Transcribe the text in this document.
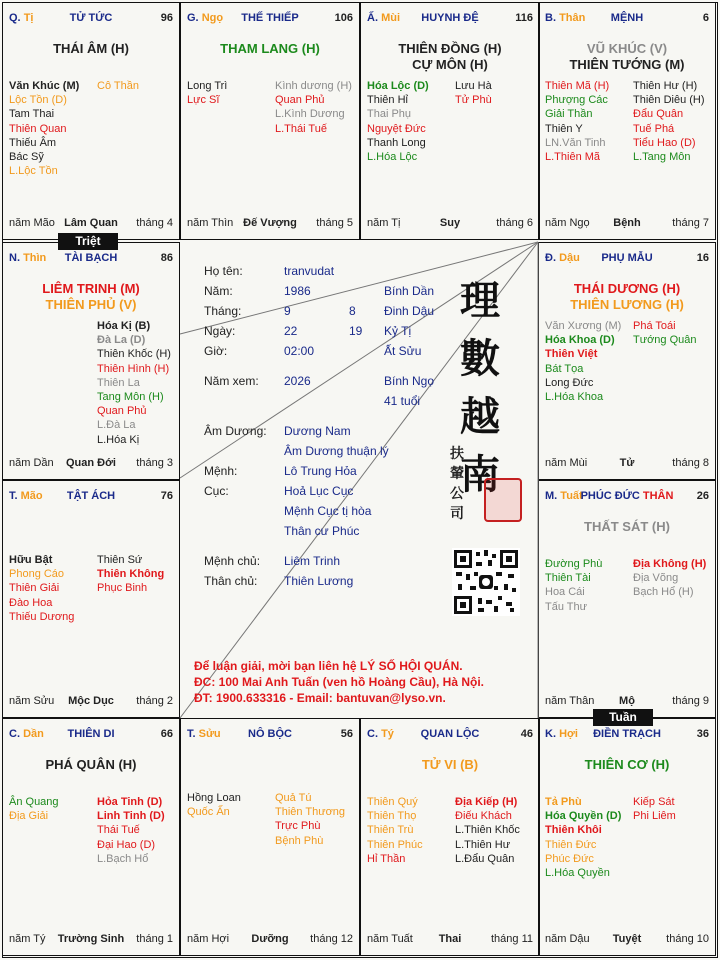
Q. Tị	TỬ TỨC	96
THÁI ÂM (H)
Văn Khúc (M)
Lộc Tồn (D)
Tam Thai
Thiên Quan
Thiếu Âm
Bác Sỹ
L.Lộc Tồn
Cô Thần
năm Mão Lâm Quan	tháng 4
G. Ngọ	THẾ THIẾP	106
THAM LANG (H)
Long Trì
Lực Sĩ
Kình dương (H)
Quan Phủ
L.Kình Dương
L.Thái Tuế
năm Thìn Đế Vượng	tháng 5
Ấ. Mùi	HUYNH ĐỆ	116
THIÊN ĐỒNG (H)
CỰ MÔN (H)
Hóa Lộc (D)
Thiên Hỉ
Thai Phụ
Nguyệt Đức
Thanh Long
L.Hóa Lộc
Lưu Hà
Tử Phù
năm Tị	Suy	tháng 6
B. Thân	MỆNH	6
VŨ KHÚC (V)
THIÊN TƯỚNG (M)
Thiên Mã (H)
Phượng Các
Giải Thần
Thiên Y
LN.Văn Tinh
L.Thiên Mã
Thiên Hư (H)
Thiên Diêu (H)
Đẩu Quân
Tuế Phá
Tiểu Hao (D)
L.Tang Môn
năm Ngọ	Bệnh	tháng 7
N. Thìn	TÀI BẠCH	86
LIÊM TRINH (M)
THIÊN PHỦ (V)
Hóa Kị (B)
Đà La (D)
Thiên Khốc (H)
Thiên Hình (H)
Thiên La
Tang Môn (H)
Quan Phủ
L.Đà La
L.Hóa Kị
năm Dần	Quan Đới	tháng 3
Đ. Dậu	PHỤ MẪU	16
THÁI DƯƠNG (H)
THIÊN LƯƠNG (H)
Văn Xương (M)
Hóa Khoa (D)
Thiên Việt
Bát Tọa
Long Đức
L.Hóa Khoa
Phá Toái
Tướng Quân
năm Mùi	Tử	tháng 8
T. Mão	TẬT ÁCH	76
Hữu Bật
Phong Cáo
Thiên Giải
Đào Hoa
Thiếu Dương
Thiên Sứ
Thiên Không
Phục Binh
năm Sửu	Mộc Dục	tháng 2
M. Tuất
PHÚC ĐỨC THÂN	26
THẤT SÁT (H)
Đường Phù
Thiên Tài
Hoa Cái
Tấu Thư
Địa Không (H)
Địa Võng
Bạch Hổ (H)
năm Thân	Mộ	tháng 9
C. Dần	THIÊN DI	66
PHÁ QUÂN (H)
Ân Quang
Địa Giải
Hỏa Tinh (D)
Linh Tinh (D)
Thái Tuế
Đại Hao (D)
L.Bạch Hổ
năm Tý	Trường Sinh	tháng 1
T. Sửu	NÔ BỘC	56
Hồng Loan
Quốc Ấn
Quả Tú
Thiên Thương
Trực Phù
Bệnh Phù
năm Hợi	Dưỡng	tháng 12
C. Tý	QUAN LỘC	46
TỬ VI (B)
Thiên Quý
Thiên Thọ
Thiên Trù
Thiên Phúc
Hỉ Thần
Địa Kiếp (H)
Điếu Khách
L.Thiên Khốc
L.Thiên Hư
L.Đẩu Quân
năm Tuất	Thai	tháng 11
K. Hợi	ĐIỀN TRẠCH	36
THIÊN CƠ (H)
Tả Phù
Hóa Quyền (D)
Thiên Khôi
Thiên Đức
Phúc Đức
L.Hóa Quyền
Kiếp Sát
Phi Liêm
năm Dậu	Tuyệt	tháng 10
Triệt
Tuần
Họ tên:	tranvudat
Năm:	1986	Bính Dần
Tháng:	9	8 Đinh Dậu
Ngày:	22	19 Kỷ Tị
Giờ:	02:00	Ất Sửu
Năm xem: 2026	Bính Ngọ
41 tuổi
Âm Dương: Dương Nam
Âm Dương thuận lý
Mệnh:	Lô Trung Hỏa
Cục:	Hoả Lục Cục
Mệnh Cục tị hòa
Thân cư Phúc
Mệnh chủ: Liêm Trinh
Thân chủ: Thiên Lương
理
數
越
南
扶
輦
公
司
Để luận giải, mời bạn liên hệ LÝ SỐ HỘI QUÁN.
ĐC: 100 Mai Anh Tuấn (ven hồ Hoàng Cầu), Hà Nội.
ĐT: 1900.633316 - Email: bantuvan@lyso.vn.
